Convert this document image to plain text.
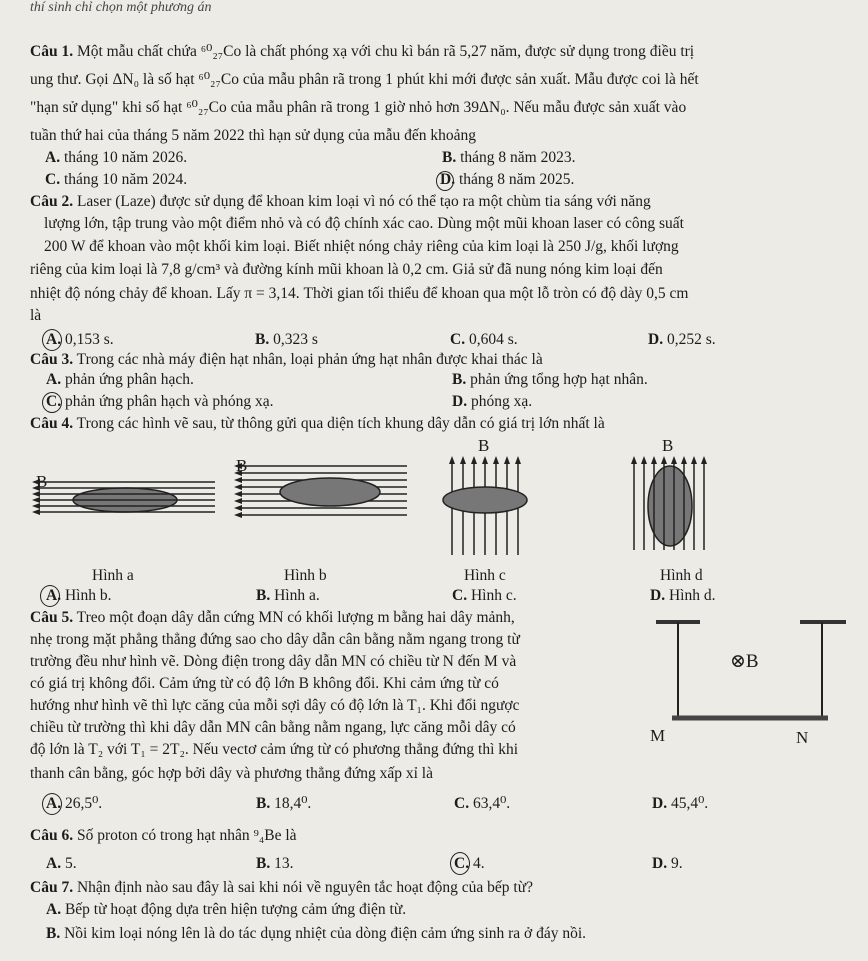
thí sinh chỉ chọn một phương án
Câu 1. Một mẫu chất chứa ⁶⁰₂₇Co là chất phóng xạ với chu kì bán rã 5,27 năm, được sử dụng trong điều trị
ung thư. Gọi ΔN₀ là số hạt ⁶⁰₂₇Co của mẫu phân rã trong 1 phút khi mới được sản xuất. Mẫu được coi là hết
"hạn sử dụng" khi số hạt ⁶⁰₂₇Co của mẫu phân rã trong 1 giờ nhỏ hơn 39ΔN₀. Nếu mẫu được sản xuất vào
tuần thứ hai của tháng 5 năm 2022 thì hạn sử dụng của mẫu đến khoảng
A. tháng 10 năm 2026.	B. tháng 8 năm 2023.
C. tháng 10 năm 2024.	D. tháng 8 năm 2025.
Câu 2. Laser (Laze) được sử dụng để khoan kim loại vì nó có thể tạo ra một chùm tia sáng với năng
lượng lớn, tập trung vào một điểm nhỏ và có độ chính xác cao. Dùng một mũi khoan laser có công suất
200 W để khoan vào một khối kim loại. Biết nhiệt nóng chảy riêng của kim loại là 250 J/g, khối lượng
riêng của kim loại là 7,8 g/cm³ và đường kính mũi khoan là 0,2 cm. Giả sử đã nung nóng kim loại đến
nhiệt độ nóng chảy để khoan. Lấy π = 3,14. Thời gian tối thiểu để khoan qua một lỗ tròn có độ dày 0,5 cm
là
A. 0,153 s.	B. 0,323 s	C. 0,604 s.	D. 0,252 s.
Câu 3. Trong các nhà máy điện hạt nhân, loại phản ứng hạt nhân được khai thác là
A. phản ứng phân hạch.	B. phản ứng tổng hợp hạt nhân.
C. phản ứng phân hạch và phóng xạ.	D. phóng xạ.
Câu 4. Trong các hình vẽ sau, từ thông gửi qua diện tích khung dây dẫn có giá trị lớn nhất là
B
B
B	B
Hình a	Hình b	Hình c	Hình d
A. Hình b.	B. Hình a.	C. Hình c.	D. Hình d.
Câu 5. Treo một đoạn dây dẫn cứng MN có khối lượng m bằng hai dây mảnh,
nhẹ trong mặt phẳng thẳng đứng sao cho dây dẫn cân bằng nằm ngang trong từ
trường đều như hình vẽ. Dòng điện trong dây dẫn MN có chiều từ N đến M và
có giá trị không đổi. Cảm ứng từ có độ lớn B không đổi. Khi cảm ứng từ có
hướng như hình vẽ thì lực căng của mỗi sợi dây có độ lớn là T₁. Khi đổi ngược
chiều từ trường thì khi dây dẫn MN cân bằng nằm ngang, lực căng mỗi dây có
độ lớn là T₂ với T₁ = 2T₂. Nếu vectơ cảm ứng từ có phương thẳng đứng thì khi
thanh cân bằng, góc hợp bởi dây và phương thẳng đứng xấp xỉ là
⊗B
M	N
A. 26,5⁰.	B. 18,4⁰.	C. 63,4⁰.	D. 45,4⁰.
Câu 6. Số proton có trong hạt nhân ⁹₄Be là
A. 5.	B. 13.	C. 4.	D. 9.
Câu 7. Nhận định nào sau đây là sai khi nói về nguyên tắc hoạt động của bếp từ?
A. Bếp từ hoạt động dựa trên hiện tượng cảm ứng điện từ.
B. Nồi kim loại nóng lên là do tác dụng nhiệt của dòng điện cảm ứng sinh ra ở đáy nồi.
